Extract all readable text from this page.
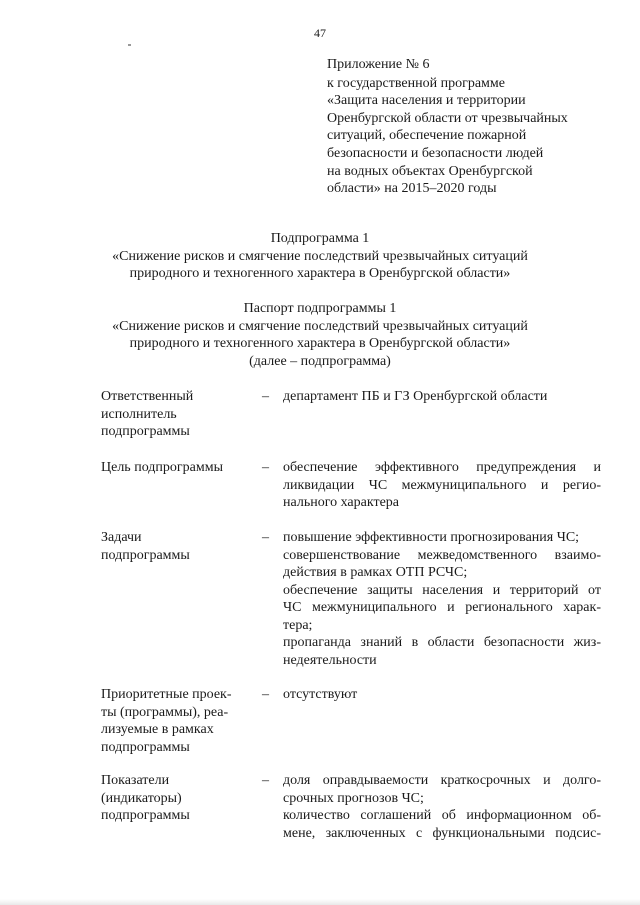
47
Приложение № 6
к государственной программе
«Защита населения и территории
Оренбургской области от чрезвычайных
ситуаций, обеспечение пожарной
безопасности и безопасности людей
на водных объектах Оренбургской
области» на 2015–2020 годы
Подпрограмма 1
«Снижение рисков и смягчение последствий чрезвычайных ситуаций
природного и техногенного характера в Оренбургской области»
Паспорт подпрограммы 1
«Снижение рисков и смягчение последствий чрезвычайных ситуаций
природного и техногенного характера в Оренбургской области»
(далее – подпрограмма)
Ответственный
исполнитель
подпрограммы
– департамент ПБ и ГЗ Оренбургской области
Цель подпрограммы	– обеспечение эффективного предупреждения и
ликвидации ЧС межмуниципального и регио-
нального характера
Задачи
подпрограммы
– повышение эффективности прогнозирования ЧС;
совершенствование межведомственного взаимо-
действия в рамках ОТП РСЧС;
обеспечение защиты населения и территорий от
ЧС межмуниципального и регионального харак-
тера;
пропаганда знаний в области безопасности жиз-
недеятельности
Приоритетные проек-
ты (программы), реа-
лизуемые в рамках
подпрограммы
– отсутствуют
Показатели
(индикаторы)
подпрограммы
– доля оправдываемости краткосрочных и долго-
срочных прогнозов ЧС;
количество соглашений об информационном об-
мене, заключенных с функциональными подсис-
